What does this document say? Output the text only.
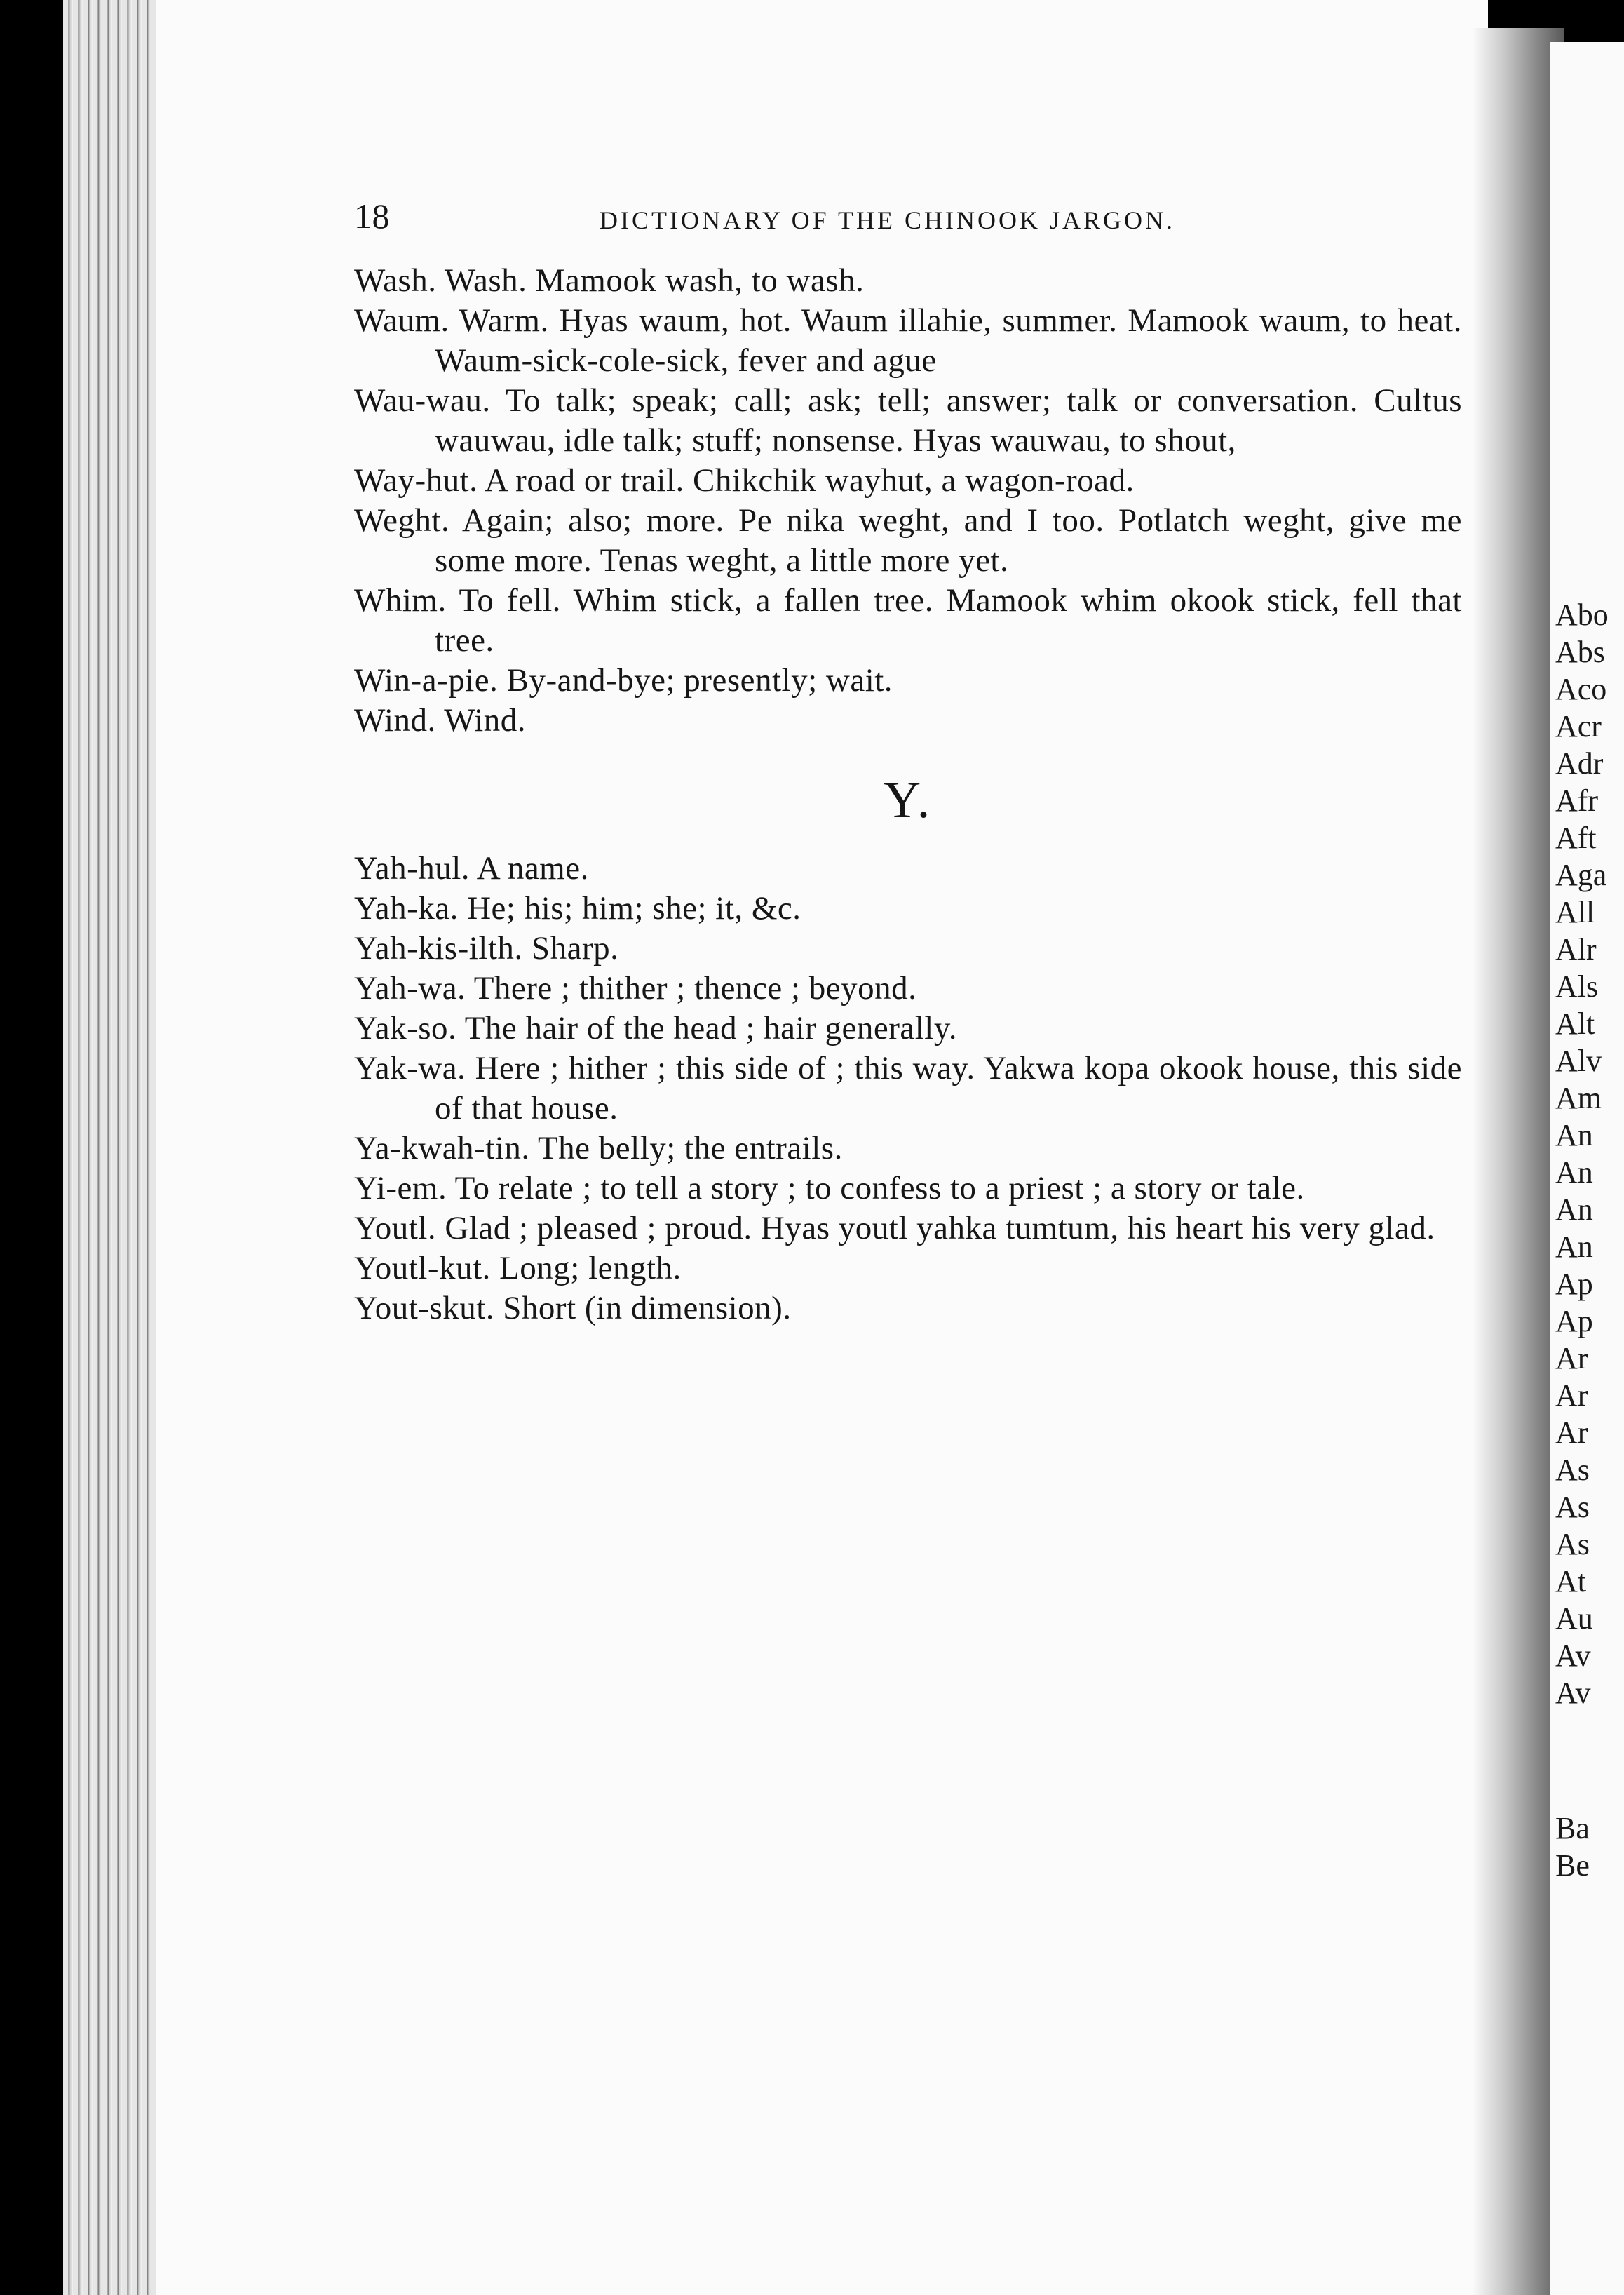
Abo
Abs
Aco
Acr
Adr
Afr
Aft
Aga
All
Alr
Als
Alt
Alv
Am
An
An
An
An
Ap
Ap
Ar
Ar
Ar
As
As
As
At
Au
Av
Av
Ba
Be
18	DICTIONARY OF THE CHINOOK JARGON.

Wash. Wash. Mamook wash, to wash.

Waum. Warm. Hyas waum, hot. Waum illahie, summer. Mamook waum, to heat. Waum-sick-cole-sick, fever and ague

Wau-wau. To talk; speak; call; ask; tell; answer; talk or conversation. Cultus wauwau, idle talk; stuff; nonsense. Hyas wauwau, to shout,

Way-hut. A road or trail. Chikchik wayhut, a wagon-road.

Weght. Again; also; more. Pe nika weght, and I too. Potlatch weght, give me some more. Tenas weght, a little more yet.

Whim. To fell. Whim stick, a fallen tree. Mamook whim okook stick, fell that tree.

Win-a-pie. By-and-bye; presently; wait.

Wind. Wind.

Y.

Yah-hul. A name.

Yah-ka. He; his; him; she; it, &c.

Yah-kis-ilth. Sharp.

Yah-wa. There ; thither ; thence ; beyond.

Yak-so. The hair of the head ; hair generally.

Yak-wa. Here ; hither ; this side of ; this way. Yakwa kopa okook house, this side of that house.

Ya-kwah-tin. The belly; the entrails.

Yi-em. To relate ; to tell a story ; to confess to a priest ; a story or tale.

Youtl. Glad ; pleased ; proud. Hyas youtl yahka tumtum, his heart his very glad.

Youtl-kut. Long; length.

Yout-skut. Short (in dimension).
